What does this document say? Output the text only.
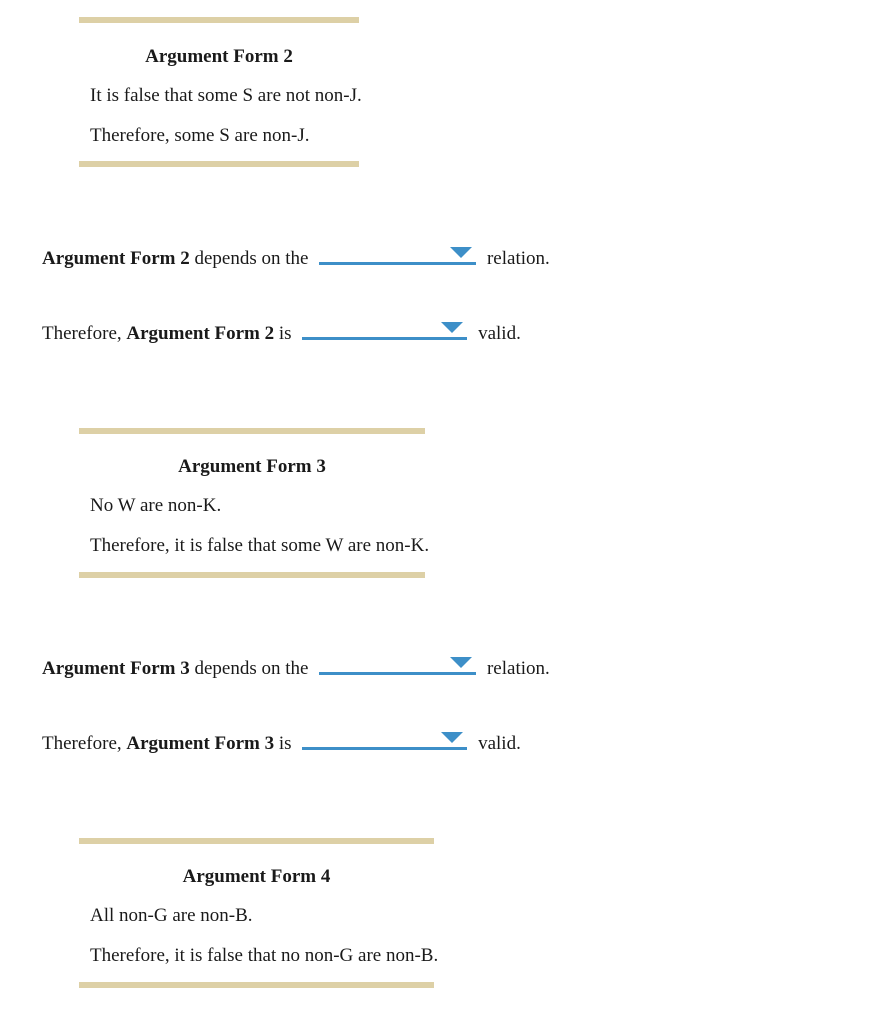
Argument Form 2
It is false that some S are not non-J.
Therefore, some S are non-J.
Argument Form 2 depends on the	relation.
Therefore, Argument Form 2 is	valid.
Argument Form 3
No W are non-K.
Therefore, it is false that some W are non-K.
Argument Form 3 depends on the	relation.
Therefore, Argument Form 3 is	valid.
Argument Form 4
All non-G are non-B.
Therefore, it is false that no non-G are non-B.
